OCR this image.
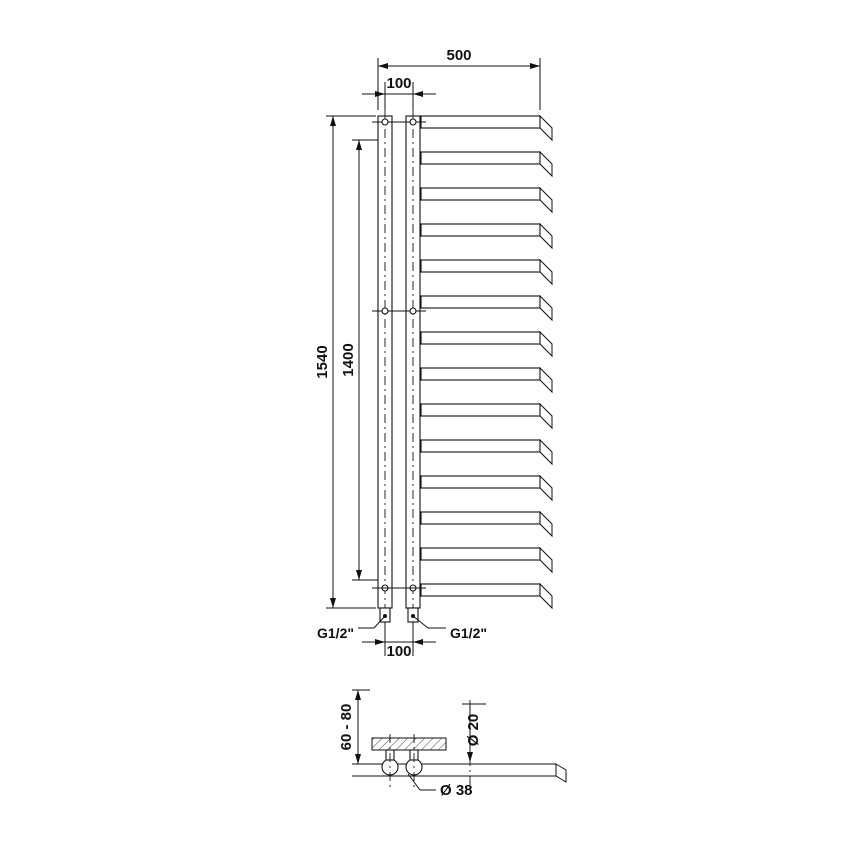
500
100
1540 1400
G1/2"	G1/2"
100
60 - 80	Ø 20
Ø 38
